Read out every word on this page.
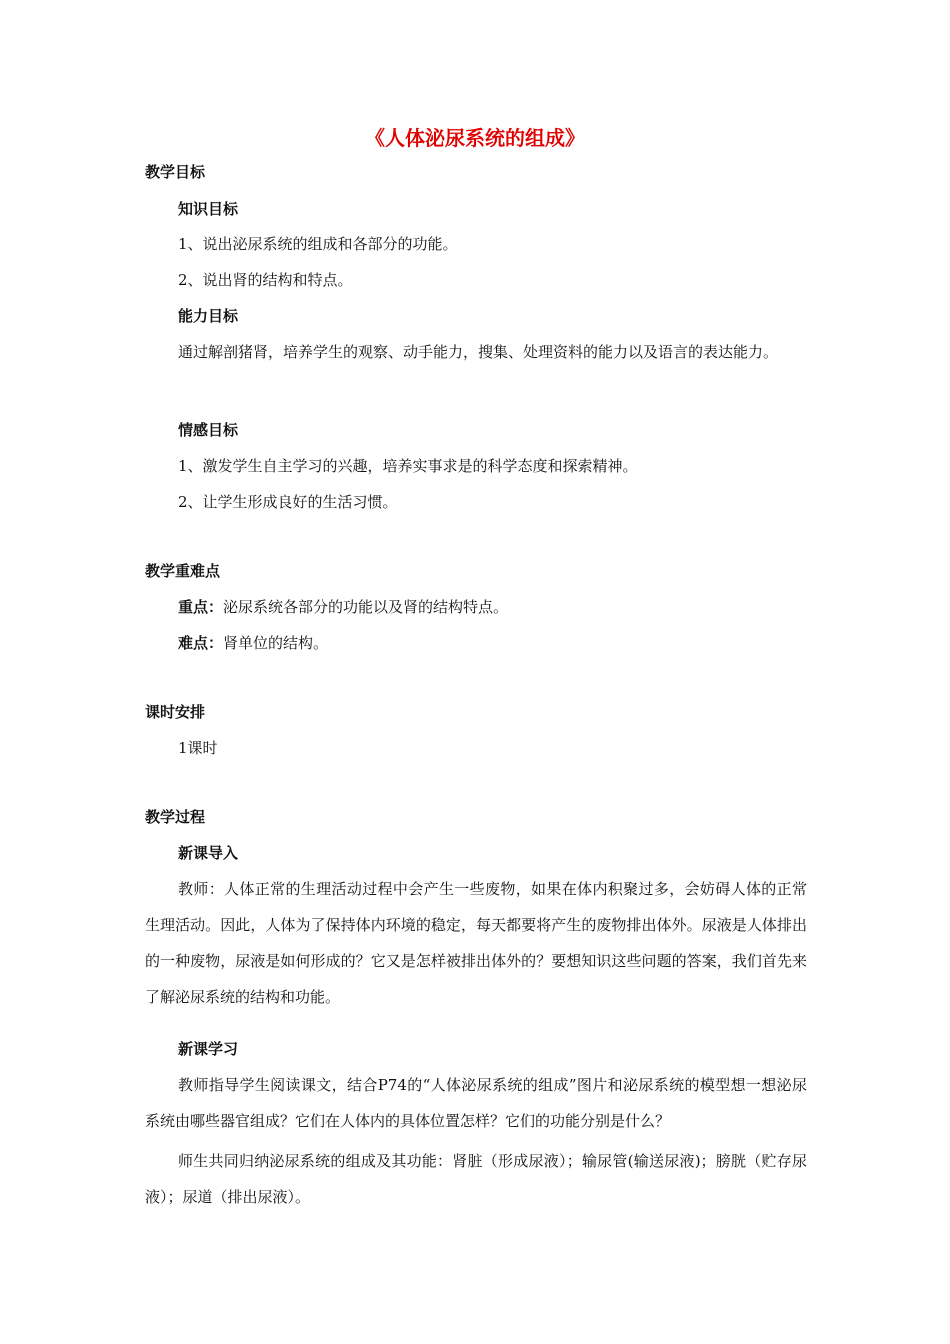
《人体泌尿系统的组成》
教学目标
知识目标
1、说出泌尿系统的组成和各部分的功能。
2、说出肾的结构和特点。
能力目标
通过解剖猪肾，培养学生的观察、动手能力，搜集、处理资料的能力以及语言的表达能力。
情感目标
1、激发学生自主学习的兴趣，培养实事求是的科学态度和探索精神。
2、让学生形成良好的生活习惯。
教学重难点
重点：泌尿系统各部分的功能以及肾的结构特点。
难点：肾单位的结构。
课时安排
1课时
教学过程
新课导入
教师：人体正常的生理活动过程中会产生一些废物，如果在体内积聚过多，会妨碍人体的正常生理活动。因此，人体为了保持体内环境的稳定，每天都要将产生的废物排出体外。尿液是人体排出的一种废物，尿液是如何形成的？它又是怎样被排出体外的？要想知识这些问题的答案，我们首先来了解泌尿系统的结构和功能。
新课学习
教师指导学生阅读课文，结合P74的“人体泌尿系统的组成”图片和泌尿系统的模型想一想泌尿系统由哪些器官组成？它们在人体内的具体位置怎样？它们的功能分别是什么？
师生共同归纳泌尿系统的组成及其功能：肾脏（形成尿液）；输尿管(输送尿液)；膀胱（贮存尿液）；尿道（排出尿液）。
